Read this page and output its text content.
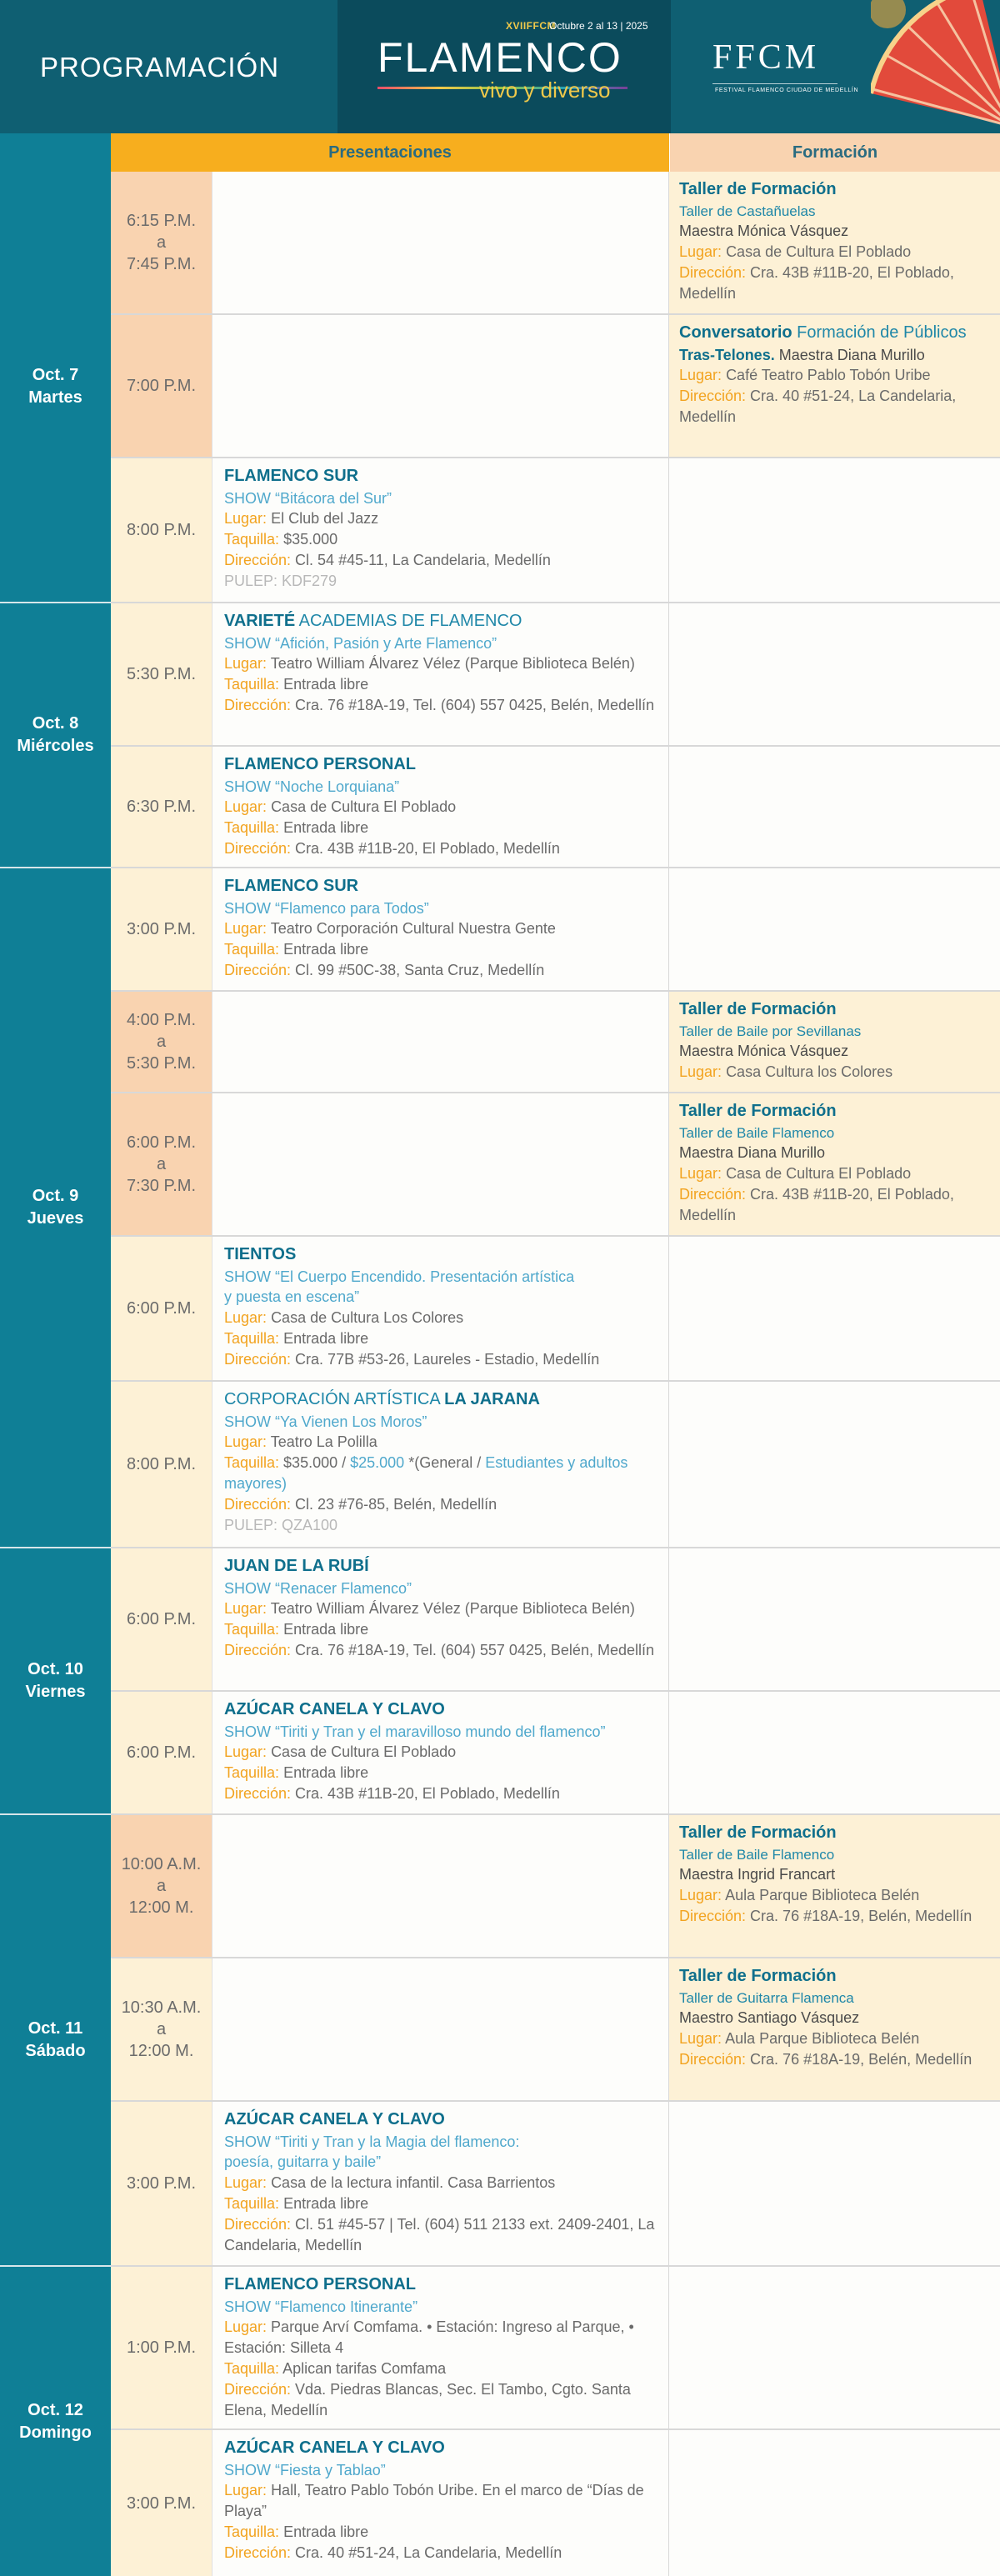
PROGRAMACIÓN
XVIIFFCM
Octubre 2 al 13 | 2025
FLAMENCO
vivo y diverso
FFCM
FESTIVAL FLAMENCO CIUDAD DE MEDELLÍN
Presentaciones	Formación
Oct. 7
Martes
Oct. 8
Miércoles
Oct. 9
Jueves
Oct. 10
Viernes
Oct. 11
Sábado
Oct. 12
Domingo
6:15 P.M.
a
7:45 P.M.
Taller de Formación
Taller de Castañuelas
Maestra Mónica Vásquez
Lugar: Casa de Cultura El Poblado
Dirección: Cra. 43B #11B-20, El Poblado, Medellín
7:00 P.M.
Conversatorio Formación de Públicos
Tras-Telones. Maestra Diana Murillo
Lugar: Café Teatro Pablo Tobón Uribe
Dirección: Cra. 40 #51-24, La Candelaria, Medellín
8:00 P.M.
FLAMENCO SUR
SHOW “Bitácora del Sur”
Lugar: El Club del Jazz
Taquilla: $35.000
Dirección: Cl. 54 #45-11, La Candelaria, Medellín
PULEP: KDF279
5:30 P.M.
VARIETÉ ACADEMIAS DE FLAMENCO
SHOW “Afición, Pasión y Arte Flamenco”
Lugar: Teatro William Álvarez Vélez (Parque Biblioteca Belén)
Taquilla: Entrada libre
Dirección: Cra. 76 #18A-19, Tel. (604) 557 0425, Belén, Medellín
6:30 P.M.
FLAMENCO PERSONAL
SHOW “Noche Lorquiana”
Lugar: Casa de Cultura El Poblado
Taquilla: Entrada libre
Dirección: Cra. 43B #11B-20, El Poblado, Medellín
3:00 P.M.
FLAMENCO SUR
SHOW “Flamenco para Todos”
Lugar: Teatro Corporación Cultural Nuestra Gente
Taquilla: Entrada libre
Dirección: Cl. 99 #50C-38, Santa Cruz, Medellín
4:00 P.M.
a
5:30 P.M.
Taller de Formación
Taller de Baile por Sevillanas
Maestra Mónica Vásquez
Lugar: Casa Cultura los Colores
6:00 P.M.
a
7:30 P.M.
Taller de Formación
Taller de Baile Flamenco
Maestra Diana Murillo
Lugar: Casa de Cultura El Poblado
Dirección: Cra. 43B #11B-20, El Poblado, Medellín
6:00 P.M.
TIENTOS
SHOW “El Cuerpo Encendido. Presentación artística
y puesta en escena”
Lugar: Casa de Cultura Los Colores
Taquilla: Entrada libre
Dirección: Cra. 77B #53-26, Laureles - Estadio, Medellín
8:00 P.M.
CORPORACIÓN ARTÍSTICA LA JARANA
SHOW “Ya Vienen Los Moros”
Lugar: Teatro La Polilla
Taquilla: $35.000 / $25.000 *(General / Estudiantes y adultos mayores)
Dirección: Cl. 23 #76-85, Belén, Medellín
PULEP: QZA100
6:00 P.M.
JUAN DE LA RUBÍ
SHOW “Renacer Flamenco”
Lugar: Teatro William Álvarez Vélez (Parque Biblioteca Belén)
Taquilla: Entrada libre
Dirección: Cra. 76 #18A-19, Tel. (604) 557 0425, Belén, Medellín
6:00 P.M.
AZÚCAR CANELA Y CLAVO
SHOW “Tiriti y Tran y el maravilloso mundo del flamenco”
Lugar: Casa de Cultura El Poblado
Taquilla: Entrada libre
Dirección: Cra. 43B #11B-20, El Poblado, Medellín
10:00 A.M.
a
12:00 M.
Taller de Formación
Taller de Baile Flamenco
Maestra Ingrid Francart
Lugar: Aula Parque Biblioteca Belén
Dirección: Cra. 76 #18A-19, Belén, Medellín
10:30 A.M.
a
12:00 M.
Taller de Formación
Taller de Guitarra Flamenca
Maestro Santiago Vásquez
Lugar: Aula Parque Biblioteca Belén
Dirección: Cra. 76 #18A-19, Belén, Medellín
3:00 P.M.
AZÚCAR CANELA Y CLAVO
SHOW “Tiriti y Tran y la Magia del flamenco:
poesía, guitarra y baile”
Lugar: Casa de la lectura infantil. Casa Barrientos
Taquilla: Entrada libre
Dirección: Cl. 51 #45-57 | Tel. (604) 511 2133 ext. 2409-2401, La Candelaria, Medellín
1:00 P.M.
FLAMENCO PERSONAL
SHOW “Flamenco Itinerante”
Lugar: Parque Arví Comfama. • Estación: Ingreso al Parque, • Estación: Silleta 4
Taquilla: Aplican tarifas Comfama
Dirección: Vda. Piedras Blancas, Sec. El Tambo, Cgto. Santa Elena, Medellín
3:00 P.M.
AZÚCAR CANELA Y CLAVO
SHOW “Fiesta y Tablao”
Lugar: Hall, Teatro Pablo Tobón Uribe. En el marco de “Días de Playa”
Taquilla: Entrada libre
Dirección: Cra. 40 #51-24, La Candelaria, Medellín
